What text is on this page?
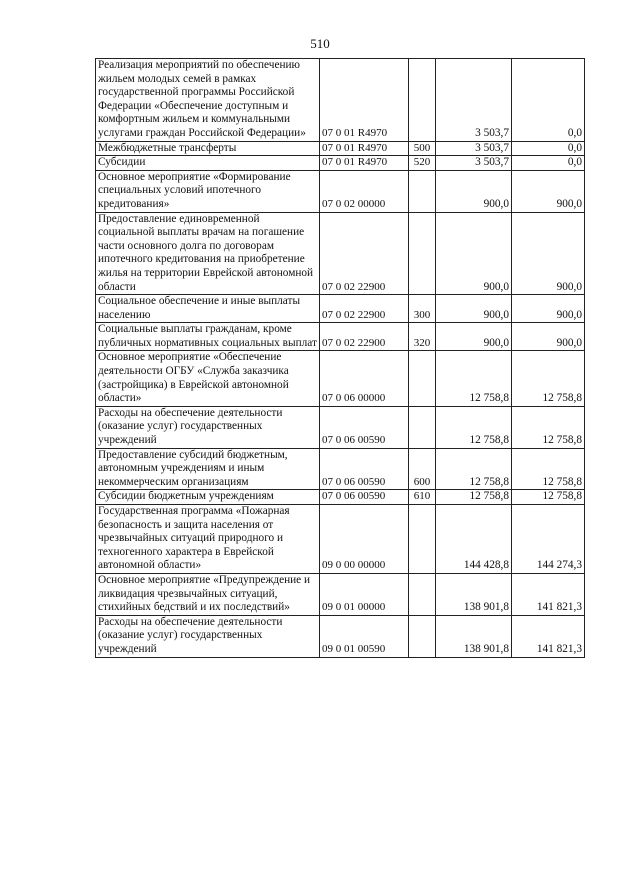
510
Реализация мероприятий по обеспечению жильем молодых семей в рамках государственной программы Российской Федерации «Обеспечение доступным и комфортным жильем и коммунальными услугами граждан Российской Федерации»	07 0 01 R4970		3 503,7	0,0
Межбюджетные трансферты	07 0 01 R4970	500	3 503,7	0,0
Субсидии	07 0 01 R4970	520	3 503,7	0,0
Основное мероприятие «Формирование специальных условий ипотечного кредитования»	07 0 02 00000		900,0	900,0
Предоставление единовременной социальной выплаты врачам на погашение части основного долга по договорам ипотечного кредитования на приобретение жилья на территории Еврейской автономной области	07 0 02 22900		900,0	900,0
Социальное обеспечение и иные выплаты населению	07 0 02 22900	300	900,0	900,0
Социальные выплаты гражданам, кроме публичных нормативных социальных выплат	07 0 02 22900	320	900,0	900,0
Основное мероприятие «Обеспечение деятельности ОГБУ «Служба заказчика (застройщика) в Еврейской автономной области»	07 0 06 00000		12 758,8	12 758,8
Расходы на обеспечение деятельности (оказание услуг) государственных учреждений	07 0 06 00590		12 758,8	12 758,8
Предоставление субсидий бюджетным, автономным учреждениям и иным некоммерческим организациям	07 0 06 00590	600	12 758,8	12 758,8
Субсидии бюджетным учреждениям	07 0 06 00590	610	12 758,8	12 758,8
Государственная программа «Пожарная безопасность и защита населения от чрезвычайных ситуаций природного и техногенного характера в Еврейской автономной области»	09 0 00 00000		144 428,8	144 274,3
Основное мероприятие «Предупреждение и ликвидация чрезвычайных ситуаций, стихийных бедствий и их последствий»	09 0 01 00000		138 901,8	141 821,3
Расходы на обеспечение деятельности (оказание услуг) государственных учреждений	09 0 01 00590		138 901,8	141 821,3
